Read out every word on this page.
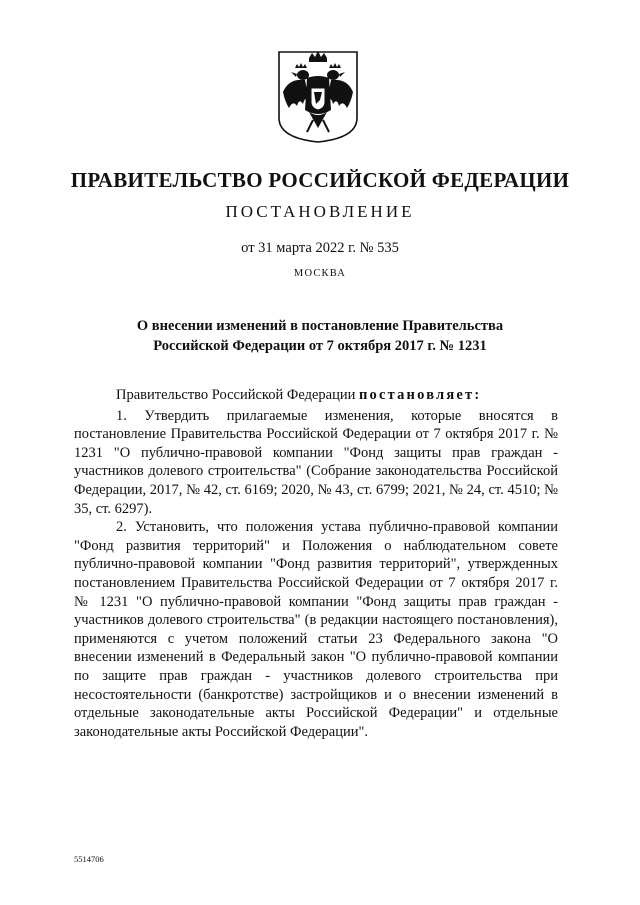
ПРАВИТЕЛЬСТВО РОССИЙСКОЙ ФЕДЕРАЦИИ
ПОСТАНОВЛЕНИЕ
от 31 марта 2022 г. № 535
МОСКВА
О внесении изменений в постановление Правительства
Российской Федерации от 7 октября 2017 г. № 1231

Правительство Российской Федерации постановляет:

1. Утвердить прилагаемые изменения, которые вносятся в постановление Правительства Российской Федерации от 7 октября 2017 г. № 1231 "О публично-правовой компании "Фонд защиты прав граждан - участников долевого строительства" (Собрание законодательства Российской Федерации, 2017, № 42, ст. 6169; 2020, № 43, ст. 6799; 2021, № 24, ст. 4510; № 35, ст. 6297).

2. Установить, что положения устава публично-правовой компании "Фонд развития территорий" и Положения о наблюдательном совете публично-правовой компании "Фонд развития территорий", утвержденных постановлением Правительства Российской Федерации от 7 октября 2017 г. № 1231 "О публично-правовой компании "Фонд защиты прав граждан - участников долевого строительства" (в редакции настоящего постановления), применяются с учетом положений статьи 23 Федерального закона "О внесении изменений в Федеральный закон "О публично-правовой компании по защите прав граждан - участников долевого строительства при несостоятельности (банкротстве) застройщиков и о внесении изменений в отдельные законодательные акты Российской Федерации" и отдельные законодательные акты Российской Федерации".

5514706
